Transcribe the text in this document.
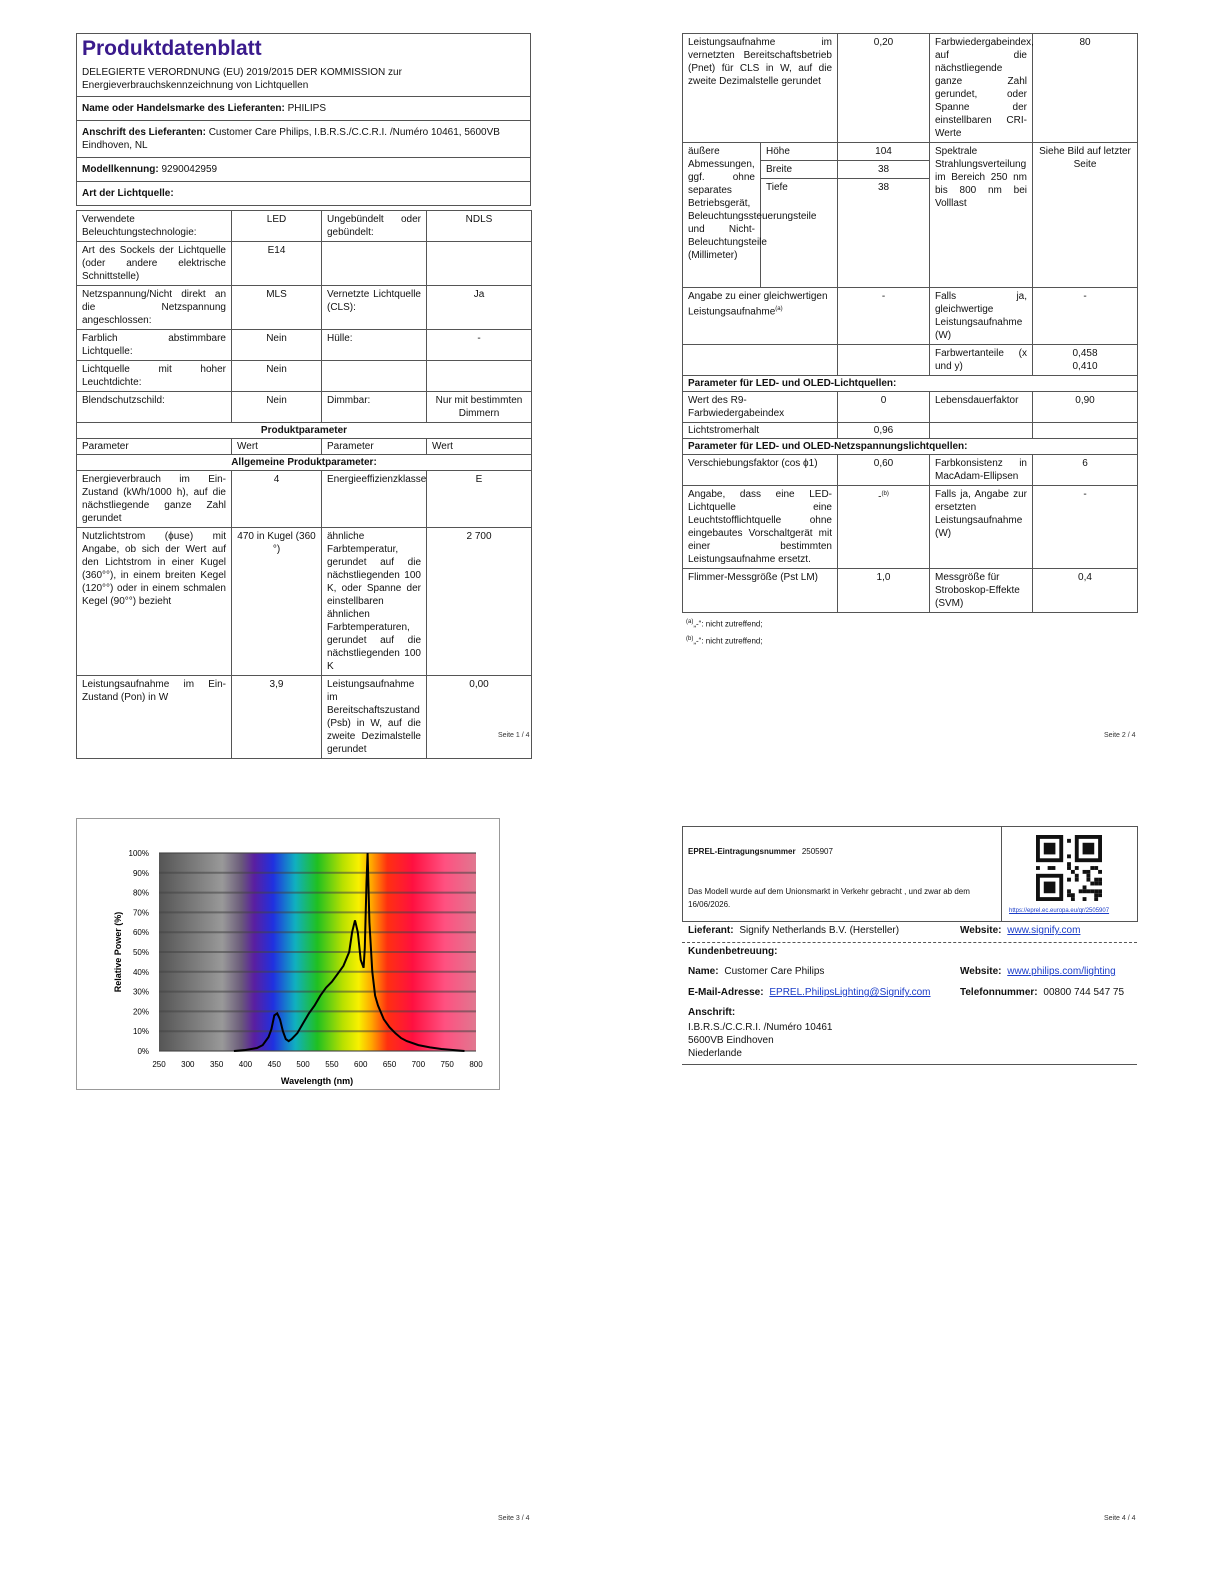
Produktdatenblatt
DELEGIERTE VERORDNUNG (EU) 2019/2015 DER KOMMISSION zur Energieverbrauchskennzeichnung von Lichtquellen

Name oder Handelsmarke des Lieferanten: PHILIPS
Anschrift des Lieferanten: Customer Care Philips, I.B.R.S./C.C.R.I. /Numéro 10461, 5600VB Eindhoven, NL
Modellkennung: 9290042959
Art der Lichtquelle:
Verwendete Beleuchtungstechnologie:	LED	Ungebündelt oder gebündelt:	NDLS
Art des Sockels der Lichtquelle (oder andere elektrische Schnittstelle)	E14		
Netzspannung/Nicht direkt an die Netzspannung angeschlossen:	MLS	Vernetzte Lichtquelle (CLS):	Ja
Farblich abstimmbare Lichtquelle:	Nein	Hülle:	-
Lichtquelle mit hoher Leuchtdichte:	Nein		
Blendschutzschild:	Nein	Dimmbar:	Nur mit bestimmten Dimmern
Produktparameter			
Parameter	Wert	Parameter	Wert
Allgemeine Produktparameter:			
Energieverbrauch im Ein-Zustand (kWh/1000 h), auf die nächstliegende ganze Zahl gerundet	4	Energieeffizienzklasse	E
Nutzlichtstrom (ϕuse) mit Angabe, ob sich der Wert auf den Lichtstrom in einer Kugel (360°°), in einem breiten Kegel (120°°) oder in einem schmalen Kegel (90°°) bezieht	470 in Kugel (360 °)	ähnliche Farbtemperatur, gerundet auf die nächstliegenden 100 K, oder Spanne der einstellbaren ähnlichen Farbtemperaturen, gerundet auf die nächstliegenden 100 K	2 700
Leistungsaufnahme im Ein-Zustand (Pon) in W	3,9	Leistungsaufnahme im Bereitschaftszustand (Psb) in W, auf die zweite Dezimalstelle gerundet	0,00
Seite 1 / 4
Leistungsaufnahme im vernetzten Bereitschaftsbetrieb (Pnet) für CLS in W, auf die zweite Dezimalstelle gerundet		0,20	Farbwiedergabeindex, auf die nächstliegende ganze Zahl gerundet, oder Spanne der einstellbaren CRI-Werte	80
äußere Abmessungen, ggf. ohne separates Betriebsgerät, Beleuchtungssteuerungsteile und Nicht-Beleuchtungsteile (Millimeter)	Höhe	104	Spektrale Strahlungsverteilung im Bereich 250 nm bis 800 nm bei Volllast	Siehe Bild auf letzter Seite
	Breite	38		
	Tiefe	38		
Angabe zu einer gleichwertigen Leistungsaufnahme$^{(a)}$		-	Falls ja, gleichwertige Leistungsaufnahme (W)	-
			Farbwertanteile (x und y)	0,458
0,410

Parameter für LED- und OLED-Lichtquellen:				
Wert des R9-Farbwiedergabeindex		0	Lebensdauerfaktor	0,90
Lichtstromerhalt		0,96		
Parameter für LED- und OLED-Netzspannungslichtquellen:				
Verschiebungsfaktor (cos ϕ1)		0,60	Farbkonsistenz in MacAdam-Ellipsen	6
Angabe, dass eine LED-Lichtquelle eine Leuchtstofflichtquelle ohne eingebautes Vorschaltgerät mit einer bestimmten Leistungsaufnahme ersetzt.		-$^{(b)}$	Falls ja, Angabe zur ersetzten Leistungsaufnahme (W)	-
Flimmer-Messgröße (Pst LM)		1,0	Messgröße für Stroboskop-Effekte (SVM)	0,4
$^{(a)}$„-“: nicht zutreffend;
$^{(b)}$„-“: nicht zutreffend;
Seite 2 / 4
0%
10%
20%
30%
40%
50%
60%
70%
80%
90%
100%
250 300 350 400 450 500 550 600 650 700 750 800
Wavelength (nm)
Relative Power (%)
Seite 3 / 4
EPREL-Eintragungsnummer 2505907
Das Modell wurde auf dem Unionsmarkt in Verkehr gebracht , und zwar ab dem 16/06/2026.
https://eprel.ec.europa.eu/qr/2505907
Lieferant: Signify Netherlands B.V. (Hersteller)	Website: www.signify.com
Kundenbetreuung:
Name: Customer Care Philips	Website: www.philips.com/lighting
E-Mail-Adresse: EPREL.PhilipsLighting@Signify.com	Telefonnummer: 00800 744 547 75
Anschrift:
I.B.R.S./C.C.R.I. /Numéro 10461
5600VB Eindhoven
Niederlande
Seite 4 / 4
